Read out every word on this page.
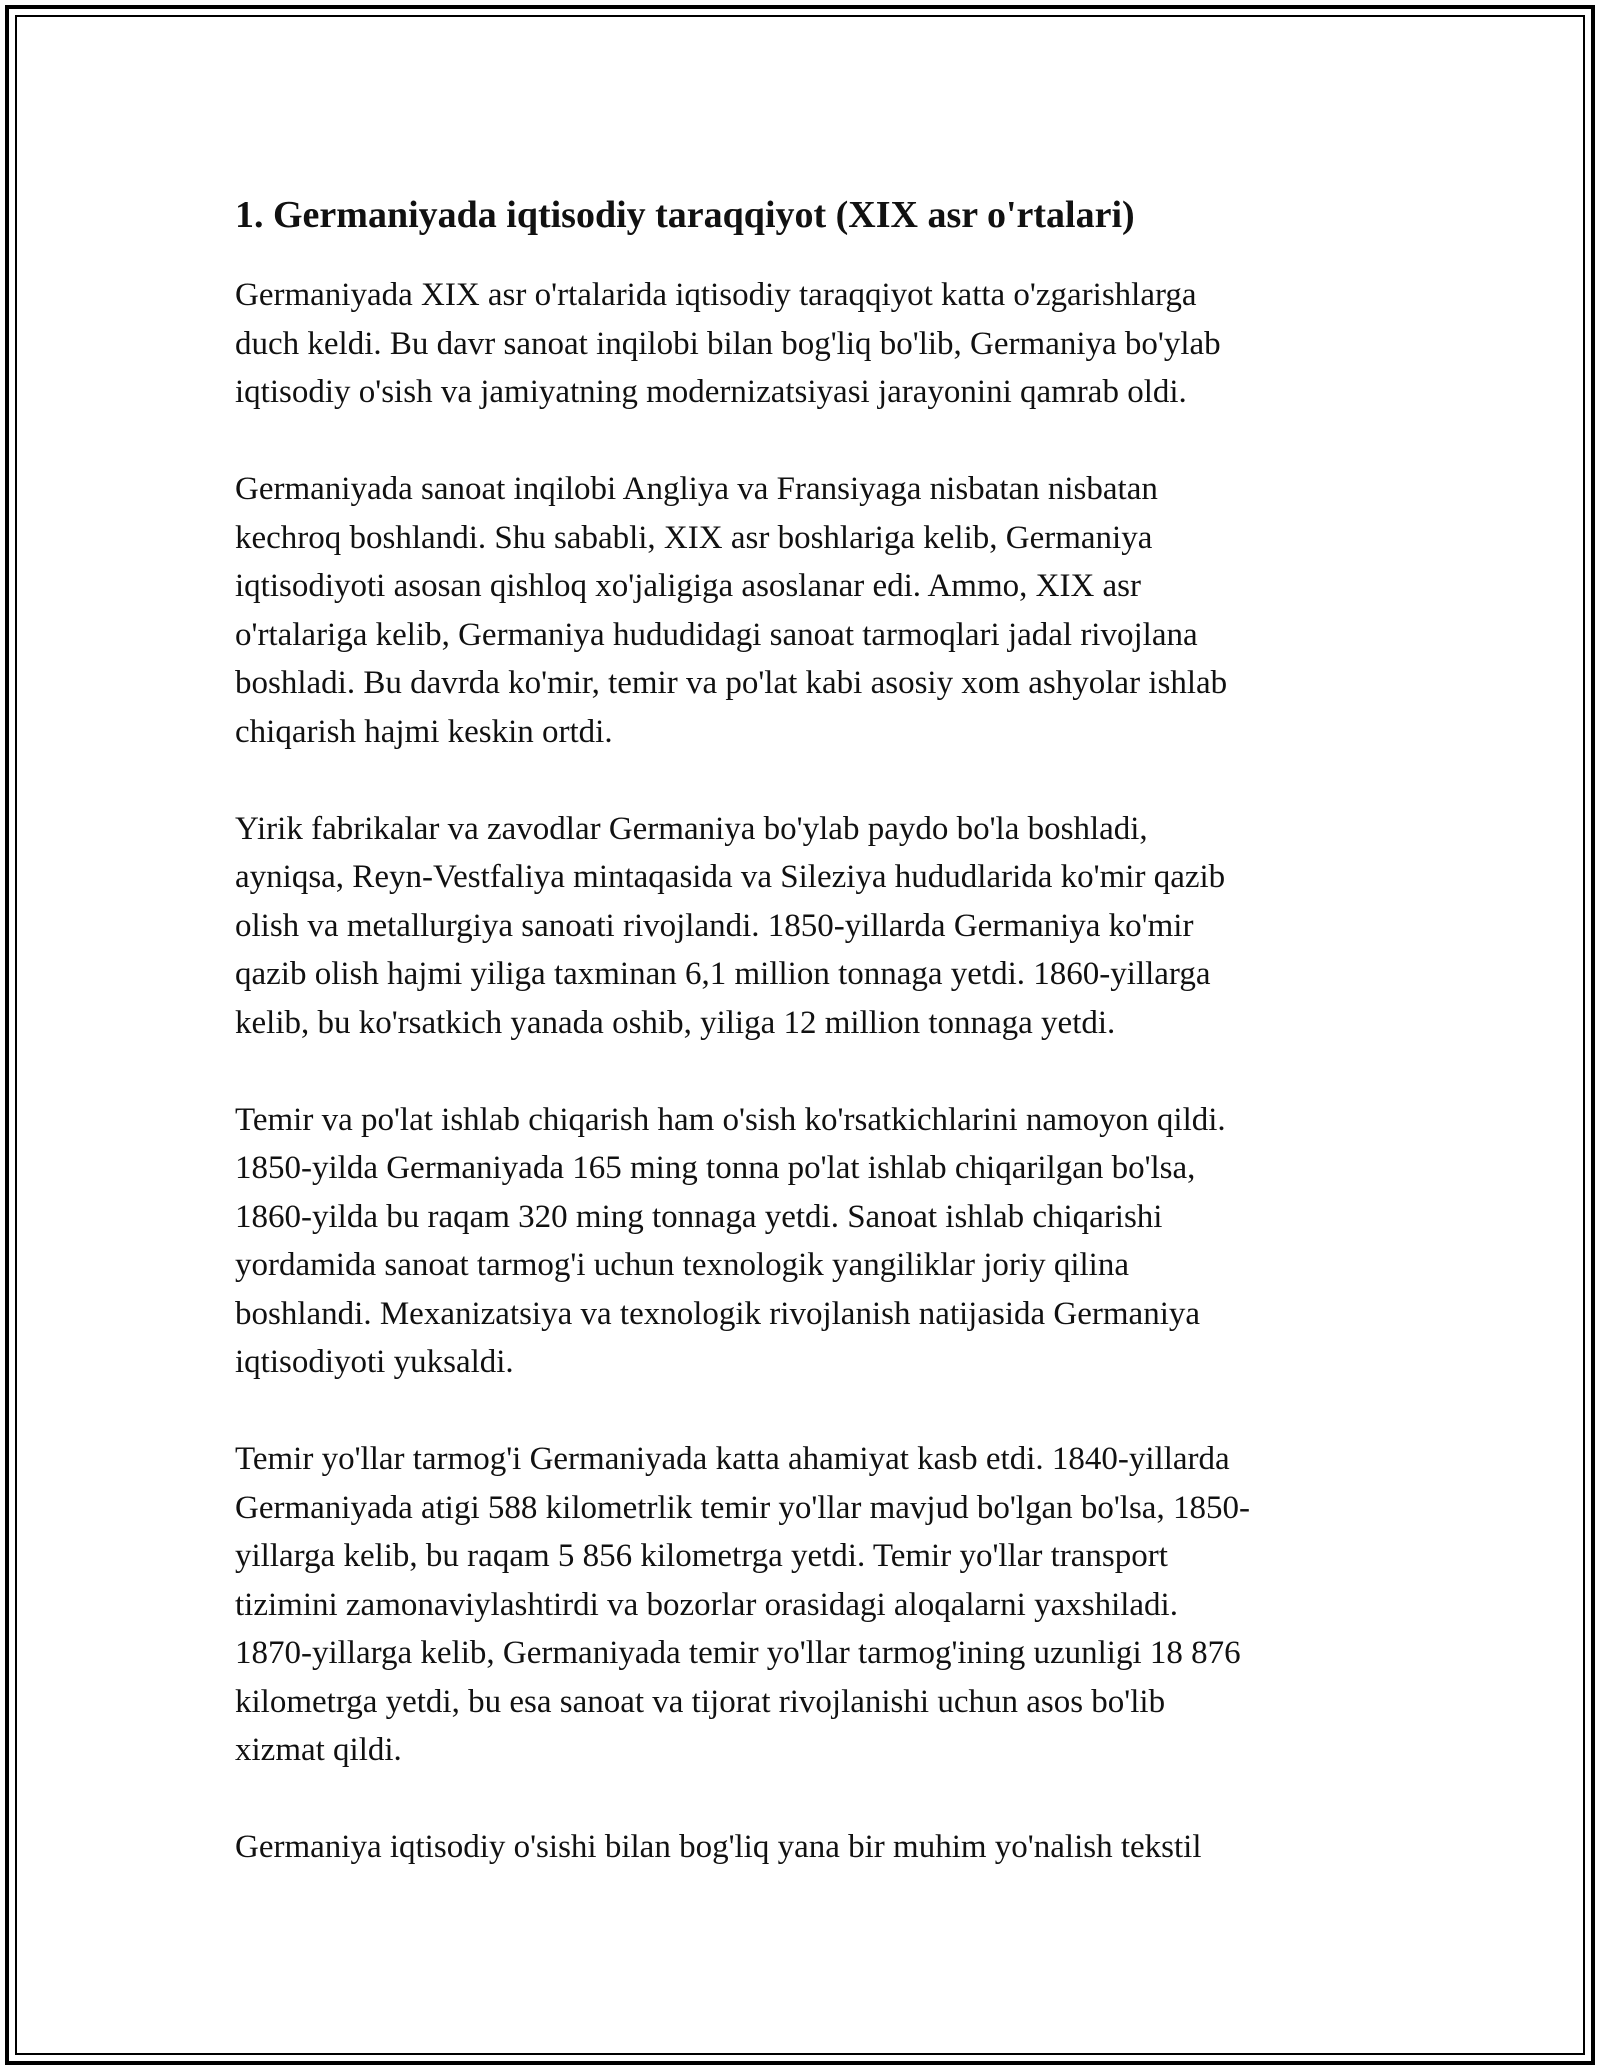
1. Germaniyada iqtisodiy taraqqiyot (XIX asr o'rtalari)

Germaniyada XIX asr o'rtalarida iqtisodiy taraqqiyot katta o'zgarishlarga
duch keldi. Bu davr sanoat inqilobi bilan bog'liq bo'lib, Germaniya bo'ylab
iqtisodiy o'sish va jamiyatning modernizatsiyasi jarayonini qamrab oldi.

Germaniyada sanoat inqilobi Angliya va Fransiyaga nisbatan nisbatan
kechroq boshlandi. Shu sababli, XIX asr boshlariga kelib, Germaniya
iqtisodiyoti asosan qishloq xo'jaligiga asoslanar edi. Ammo, XIX asr
o'rtalariga kelib, Germaniya hududidagi sanoat tarmoqlari jadal rivojlana
boshladi. Bu davrda ko'mir, temir va po'lat kabi asosiy xom ashyolar ishlab
chiqarish hajmi keskin ortdi.

Yirik fabrikalar va zavodlar Germaniya bo'ylab paydo bo'la boshladi,
ayniqsa, Reyn-Vestfaliya mintaqasida va Sileziya hududlarida ko'mir qazib
olish va metallurgiya sanoati rivojlandi. 1850-yillarda Germaniya ko'mir
qazib olish hajmi yiliga taxminan 6,1 million tonnaga yetdi. 1860-yillarga
kelib, bu ko'rsatkich yanada oshib, yiliga 12 million tonnaga yetdi.

Temir va po'lat ishlab chiqarish ham o'sish ko'rsatkichlarini namoyon qildi.
1850-yilda Germaniyada 165 ming tonna po'lat ishlab chiqarilgan bo'lsa,
1860-yilda bu raqam 320 ming tonnaga yetdi. Sanoat ishlab chiqarishi
yordamida sanoat tarmog'i uchun texnologik yangiliklar joriy qilina
boshlandi. Mexanizatsiya va texnologik rivojlanish natijasida Germaniya
iqtisodiyoti yuksaldi.

Temir yo'llar tarmog'i Germaniyada katta ahamiyat kasb etdi. 1840-yillarda
Germaniyada atigi 588 kilometrlik temir yo'llar mavjud bo'lgan bo'lsa, 1850-
yillarga kelib, bu raqam 5 856 kilometrga yetdi. Temir yo'llar transport
tizimini zamonaviylashtirdi va bozorlar orasidagi aloqalarni yaxshiladi.
1870-yillarga kelib, Germaniyada temir yo'llar tarmog'ining uzunligi 18 876
kilometrga yetdi, bu esa sanoat va tijorat rivojlanishi uchun asos bo'lib
xizmat qildi.

Germaniya iqtisodiy o'sishi bilan bog'liq yana bir muhim yo'nalish tekstil
